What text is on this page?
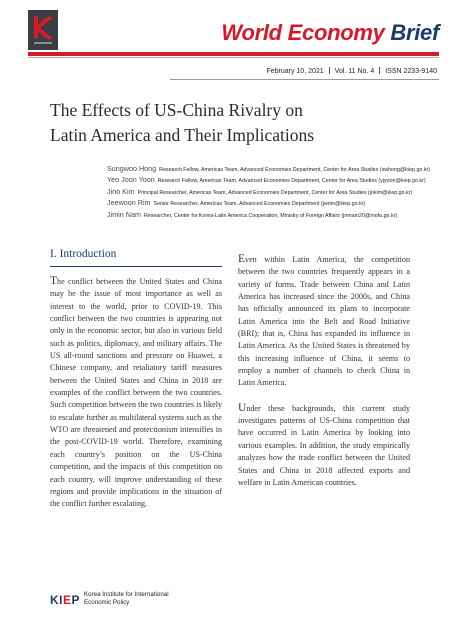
World Economy Brief
February 10, 2021 Vol. 11 No. 4 ISSN 2233-9140
The Effects of US-China Rivalry on
Latin America and Their Implications
Sungwoo Hong Research Fellow, Americas Team, Advanced Economies Department, Center for Area Studies (swhong@kiep.go.kr)
Yeo Joon Yoon Research Fellow, Americas Team, Advanced Economies Department, Center for Area Studies (yjyoon@kiep.go.kr)
Jino Kim Principal Researcher, Americas Team, Advanced Economies Department, Center for Area Studies (jokim@kiep.go.kr)
Jeewoon Rim Senior Researcher, Americas Team, Advanced Economies Department (jwrim@kiep.go.kr)
Jimin Nam Researcher, Center for Korea-Latin America Cooperation, Ministry of Foreign Affairs (jmnam20@mofa.go.kr)
I. Introduction

The conflict between the United States and China may be the issue of most importance as well as interest to the world, prior to COVID-19. This conflict between the two countries is appearing not only in the economic sector, but also in various field such as politics, diplomacy, and military affairs. The US all-round sanctions and pressure on Huawei, a Chinese company, and retaliatory tariff measures between the United States and China in 2018 are examples of the conflict between the two countries. Such competition between the two countries is likely to escalate further as multilateral systems such as the WTO are threatened and protectionism intensifies in the post-COVID-19 world. Therefore, examining each country’s position on the US-China competition, and the impacts of this competition on each country, will improve understanding of these regions and provide implications in the situation of the conflict further escalating.

Even within Latin America, the competition between the two countries frequently appears in a variety of forms. Trade between China and Latin America has increased since the 2000s, and China has officially announced its plans to incorporate Latin America into the Belt and Road Initiative (BRI); that is, China has expanded its influence in Latin America. As the United States is threatened by this increasing influence of China, it seems to employ a number of channels to check China in Latin America.

Under these backgrounds, this current study investigates patterns of US-China competition that have occurred in Latin America by looking into various examples. In addition, the study empirically analyzes how the trade conflict between the United States and China in 2018 affected exports and welfare in Latin American countries.

KIEP Korea Institute for International
Economic Policy
